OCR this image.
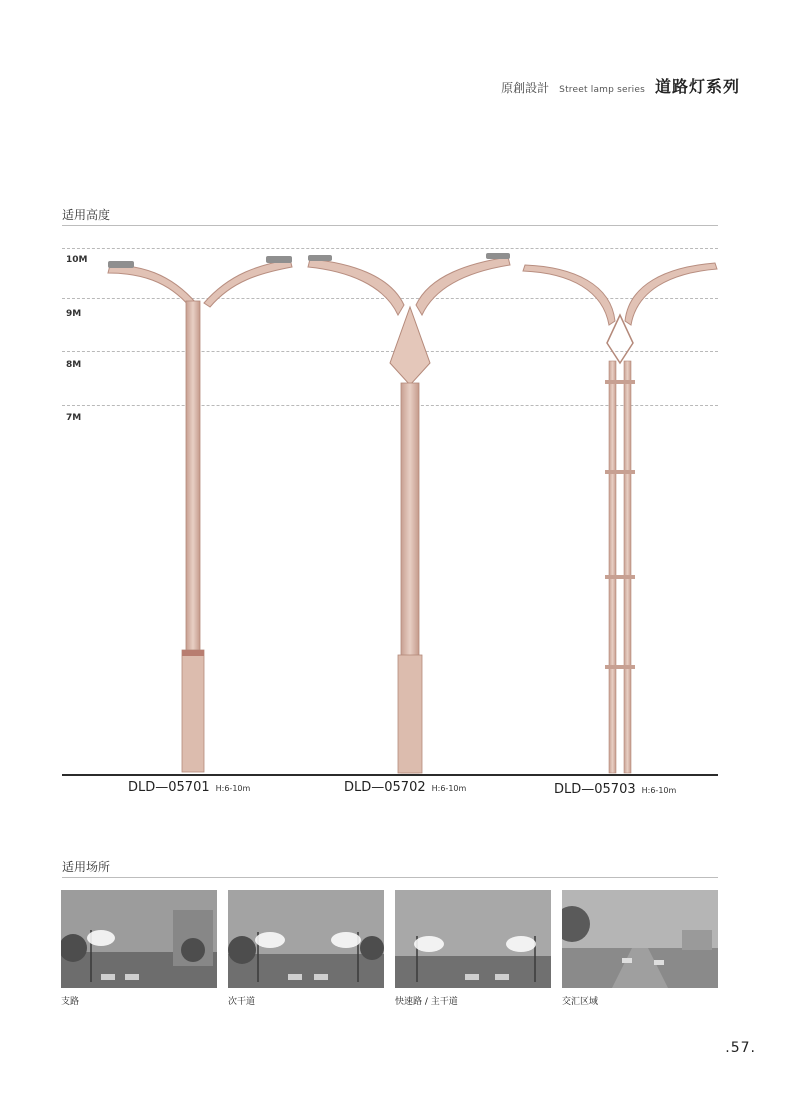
原創設計 Street lamp series 道路灯系列
适用高度
10M
9M
8M
7M
DLD—05701 H:6-10m	DLD—05702 H:6-10m	DLD—05703 H:6-10m
适用场所
支路	次干道	快速路 / 主干道	交汇区域
.57.
